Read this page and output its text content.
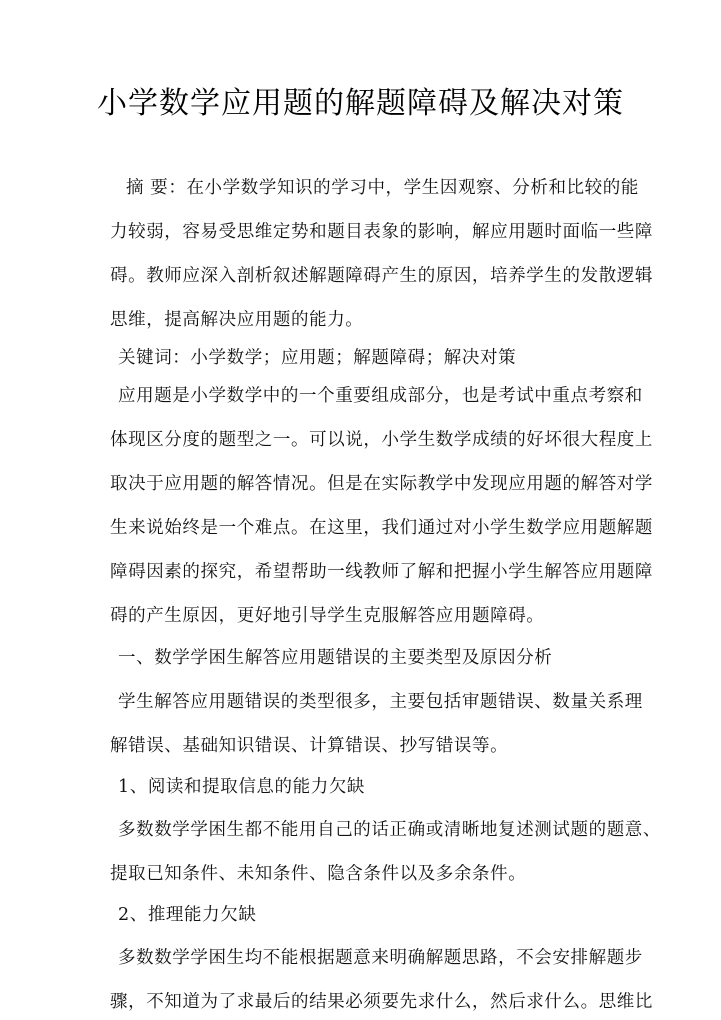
小学数学应用题的解题障碍及解决对策
摘 要：在小学数学知识的学习中，学生因观察、分析和比较的能
力较弱，容易受思维定势和题目表象的影响，解应用题时面临一些障
碍。教师应深入剖析叙述解题障碍产生的原因，培养学生的发散逻辑
思维，提高解决应用题的能力。
关键词：小学数学；应用题；解题障碍；解决对策
应用题是小学数学中的一个重要组成部分，也是考试中重点考察和
体现区分度的题型之一。可以说，小学生数学成绩的好坏很大程度上
取决于应用题的解答情况。但是在实际教学中发现应用题的解答对学
生来说始终是一个难点。在这里，我们通过对小学生数学应用题解题
障碍因素的探究，希望帮助一线教师了解和把握小学生解答应用题障
碍的产生原因，更好地引导学生克服解答应用题障碍。
一、数学学困生解答应用题错误的主要类型及原因分析
学生解答应用题错误的类型很多，主要包括审题错误、数量关系理
解错误、基础知识错误、计算错误、抄写错误等。
1、阅读和提取信息的能力欠缺
多数数学学困生都不能用自己的话正确或清晰地复述测试题的题意、
提取已知条件、未知条件、隐含条件以及多余条件。
2、推理能力欠缺
多数数学学困生均不能根据题意来明确解题思路，不会安排解题步
骤，不知道为了求最后的结果必须要先求什么，然后求什么。思维比
